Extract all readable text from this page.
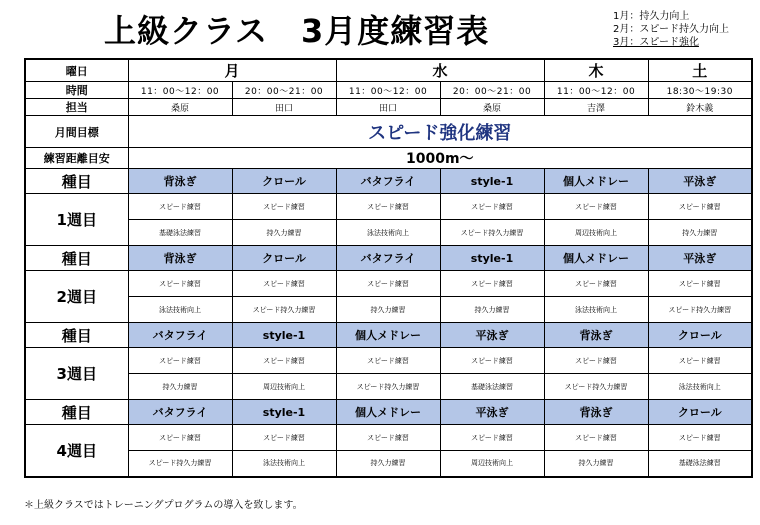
上級クラス　3月度練習表	1月：持久力向上
2月：スピード持久力向上
3月：スピード強化
曜日	月		水		木	土
時間	11：00～12：00	20：00～21：00	11：00～12：00	20：00～21：00	11：00～12：00	18:30～19:30
担当	桑原	田口	田口	桑原	吉澤	鈴木義
月間目標	スピード強化練習					
練習距離目安	1000m～					
種目	背泳ぎ	クロール	バタフライ	style-1	個人メドレー	平泳ぎ
1週目	スピード練習	スピード練習	スピード練習	スピード練習	スピード練習	スピード練習
	基礎泳法練習	持久力練習	泳法技術向上	スピード持久力練習	周辺技術向上	持久力練習
種目	背泳ぎ	クロール	バタフライ	style-1	個人メドレー	平泳ぎ
2週目	スピード練習	スピード練習	スピード練習	スピード練習	スピード練習	スピード練習
	泳法技術向上	スピード持久力練習	持久力練習	持久力練習	泳法技術向上	スピード持久力練習
種目	バタフライ	style-1	個人メドレー	平泳ぎ	背泳ぎ	クロール
3週目	スピード練習	スピード練習	スピード練習	スピード練習	スピード練習	スピード練習
	持久力練習	周辺技術向上	スピード持久力練習	基礎泳法練習	スピード持久力練習	泳法技術向上
種目	バタフライ	style-1	個人メドレー	平泳ぎ	背泳ぎ	クロール
4週目	スピード練習	スピード練習	スピード練習	スピード練習	スピード練習	スピード練習
	スピード持久力練習	泳法技術向上	持久力練習	周辺技術向上	持久力練習	基礎泳法練習
＊上級クラスではトレーニングプログラムの導入を致します。
